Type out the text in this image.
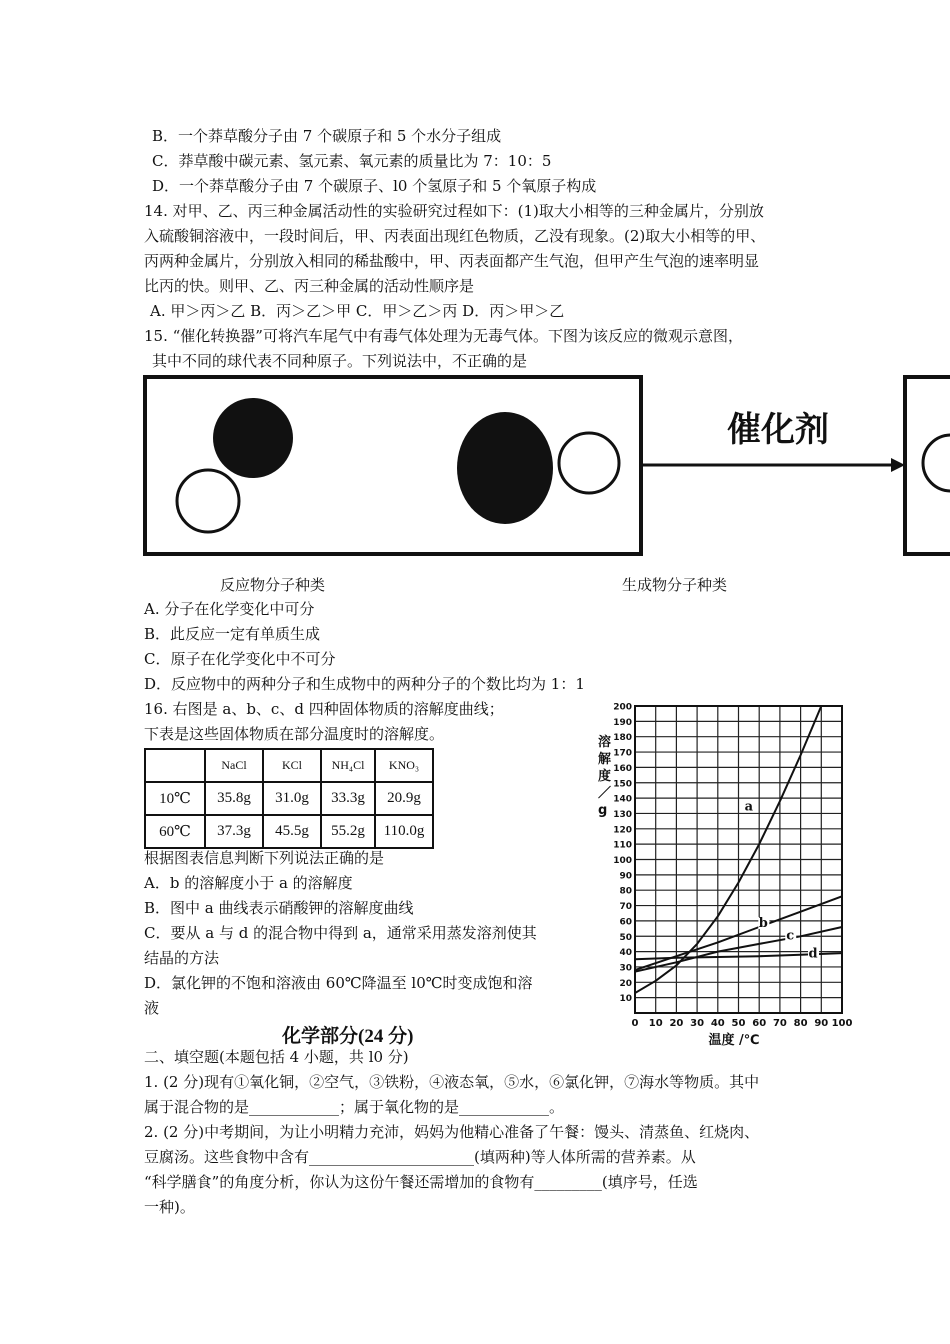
B．一个莽草酸分子由 7 个碳原子和 5 个水分子组成
C．莽草酸中碳元素、氢元素、氧元素的质量比为 7：10：5
D．一个莽草酸分子由 7 个碳原子、l0 个氢原子和 5 个氧原子构成
14. 对甲、乙、丙三种金属活动性的实验研究过程如下：(1)取大小相等的三种金属片，分别放
入硫酸铜溶液中，一段时间后，甲、丙表面出现红色物质，乙没有现象。(2)取大小相等的甲、
丙两种金属片，分别放入相同的稀盐酸中，甲、丙表面都产生气泡，但甲产生气泡的速率明显
比丙的快。则甲、乙、丙三种金属的活动性顺序是
A. 甲＞丙＞乙 B．丙＞乙＞甲 C．甲＞乙＞丙 D．丙＞甲＞乙
15. “催化转换器”可将汽车尾气中有毒气体处理为无毒气体。下图为该反应的微观示意图，
其中不同的球代表不同种原子。下列说法中，不正确的是
催化剂
反应物分子种类	生成物分子种类
A. 分子在化学变化中可分
B．此反应一定有单质生成
C．原子在化学变化中不可分
D．反应物中的两种分子和生成物中的两种分子的个数比均为 1：1
16. 右图是 a、b、c、d 四种固体物质的溶解度曲线；
下表是这些固体物质在部分温度时的溶解度。
	NaCl	KCl	NH₄Cl	KNO₃
10℃	35.8g	31.0g	33.3g	20.9g
60℃	37.3g	45.5g	55.2g	110.0g
根据图表信息判断下列说法正确的是
A．b 的溶解度小于 a 的溶解度
B．图中 a 曲线表示硝酸钾的溶解度曲线
C．要从 a 与 d 的混合物中得到 a，通常采用蒸发溶剂使其
结晶的方法
D．氯化钾的不饱和溶液由 60℃降温至 l0℃时变成饱和溶
液
0 10 20 30 40 50 60 70 80 90 100
10
20
30
40
50
60
70
80
90
100
110
120
130
140
150
160
170
180
190
200
a
b
c
d
溶解度／ g
温度 /℃
化学部分(24 分)
二、填空题(本题包括 4 小题，共 l0 分)
1. (2 分)现有①氧化铜，②空气，③铁粉，④液态氧，⑤水，⑥氯化钾，⑦海水等物质。其中
属于混合物的是____________；属于氧化物的是____________。
2. (2 分)中考期间，为让小明精力充沛，妈妈为他精心准备了午餐：馒头、清蒸鱼、红烧肉、
豆腐汤。这些食物中含有______________________(填两种)等人体所需的营养素。从
“科学膳食”的角度分析，你认为这份午餐还需增加的食物有_________(填序号，任选
一种)。
